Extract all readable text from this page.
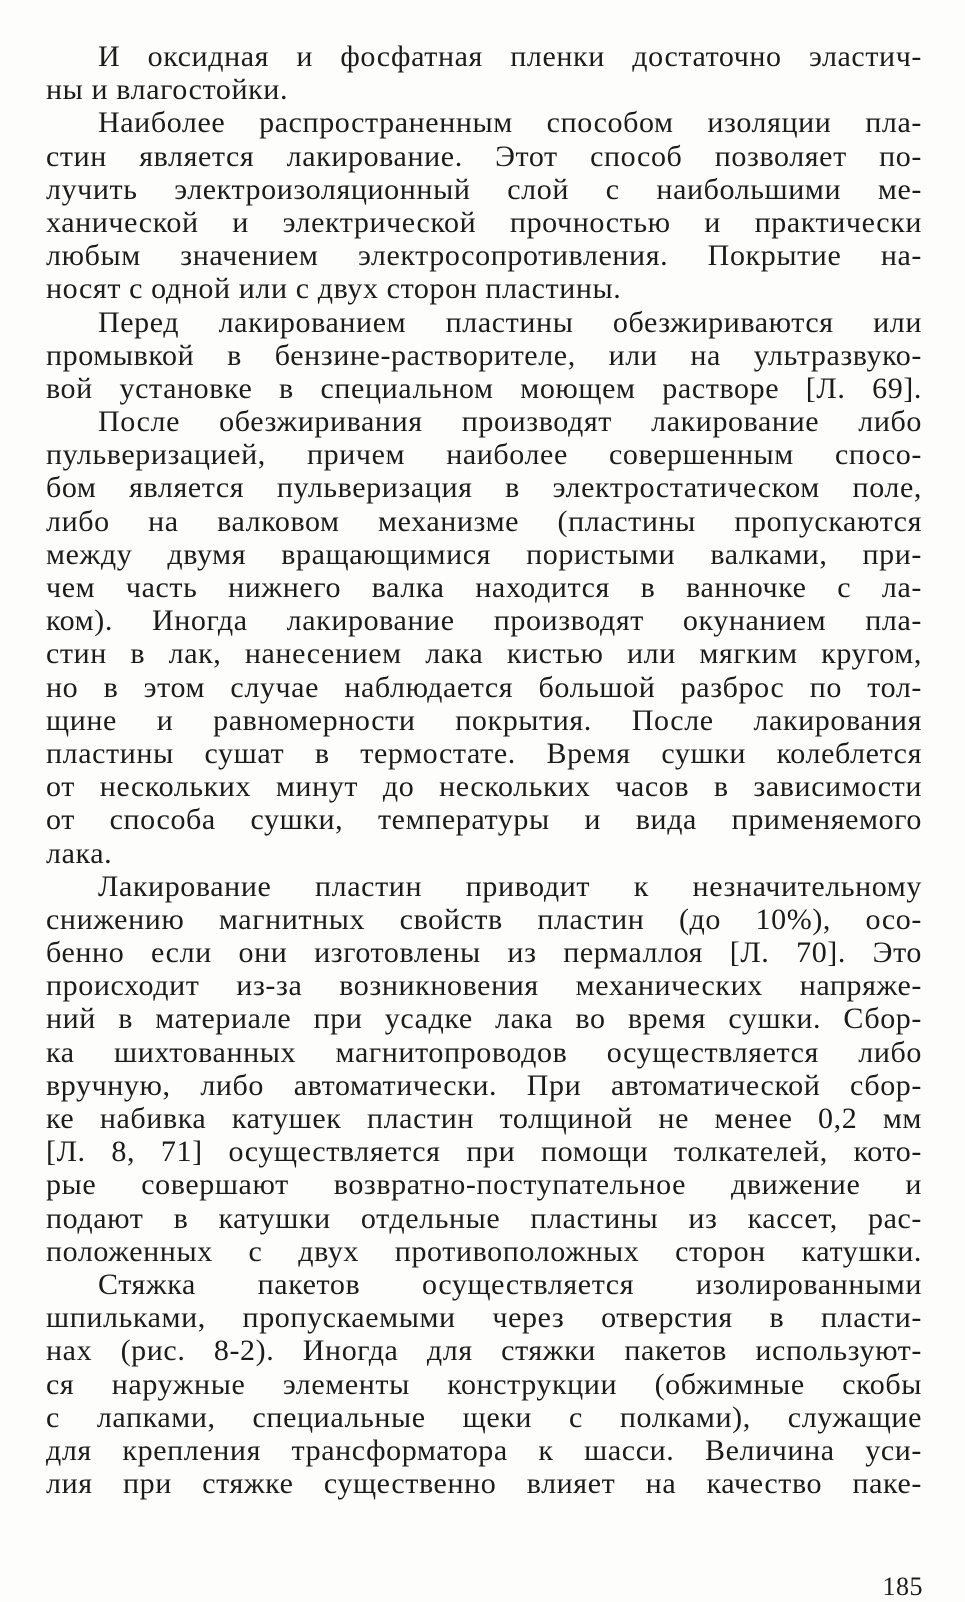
И оксидная и фосфатная пленки достаточно эластич-
ны и влагостойки.
Наиболее распространенным способом изоляции пла-
стин является лакирование. Этот способ позволяет по-
лучить электроизоляционный слой с наибольшими ме-
ханической и электрической прочностью и практически
любым значением электросопротивления. Покрытие на-
носят с одной или с двух сторон пластины.
Перед лакированием пластины обезжириваются или
промывкой в бензине-растворителе, или на ультразвуко-
вой установке в специальном моющем растворе [Л. 69].
После обезжиривания производят лакирование либо
пульверизацией, причем наиболее совершенным спосо-
бом является пульверизация в электростатическом поле,
либо на валковом механизме (пластины пропускаются
между двумя вращающимися пористыми валками, при-
чем часть нижнего валка находится в ванночке с ла-
ком). Иногда лакирование производят окунанием пла-
стин в лак, нанесением лака кистью или мягким кругом,
но в этом случае наблюдается большой разброс по тол-
щине и равномерности покрытия. После лакирования
пластины сушат в термостате. Время сушки колеблется
от нескольких минут до нескольких часов в зависимости
от способа сушки, температуры и вида применяемого
лака.
Лакирование пластин приводит к незначительному
снижению магнитных свойств пластин (до 10%), осо-
бенно если они изготовлены из пермаллоя [Л. 70]. Это
происходит из-за возникновения механических напряже-
ний в материале при усадке лака во время сушки. Сбор-
ка шихтованных магнитопроводов осуществляется либо
вручную, либо автоматически. При автоматической сбор-
ке набивка катушек пластин толщиной не менее 0,2 мм
[Л. 8, 71] осуществляется при помощи толкателей, кото-
рые совершают возвратно-поступательное движение и
подают в катушки отдельные пластины из кассет, рас-
положенных с двух противоположных сторон катушки.
Стяжка пакетов осуществляется изолированными
шпильками, пропускаемыми через отверстия в пласти-
нах (рис. 8-2). Иногда для стяжки пакетов используют-
ся наружные элементы конструкции (обжимные скобы
с лапками, специальные щеки с полками), служащие
для крепления трансформатора к шасси. Величина уси-
лия при стяжке существенно влияет на качество паке-
185
